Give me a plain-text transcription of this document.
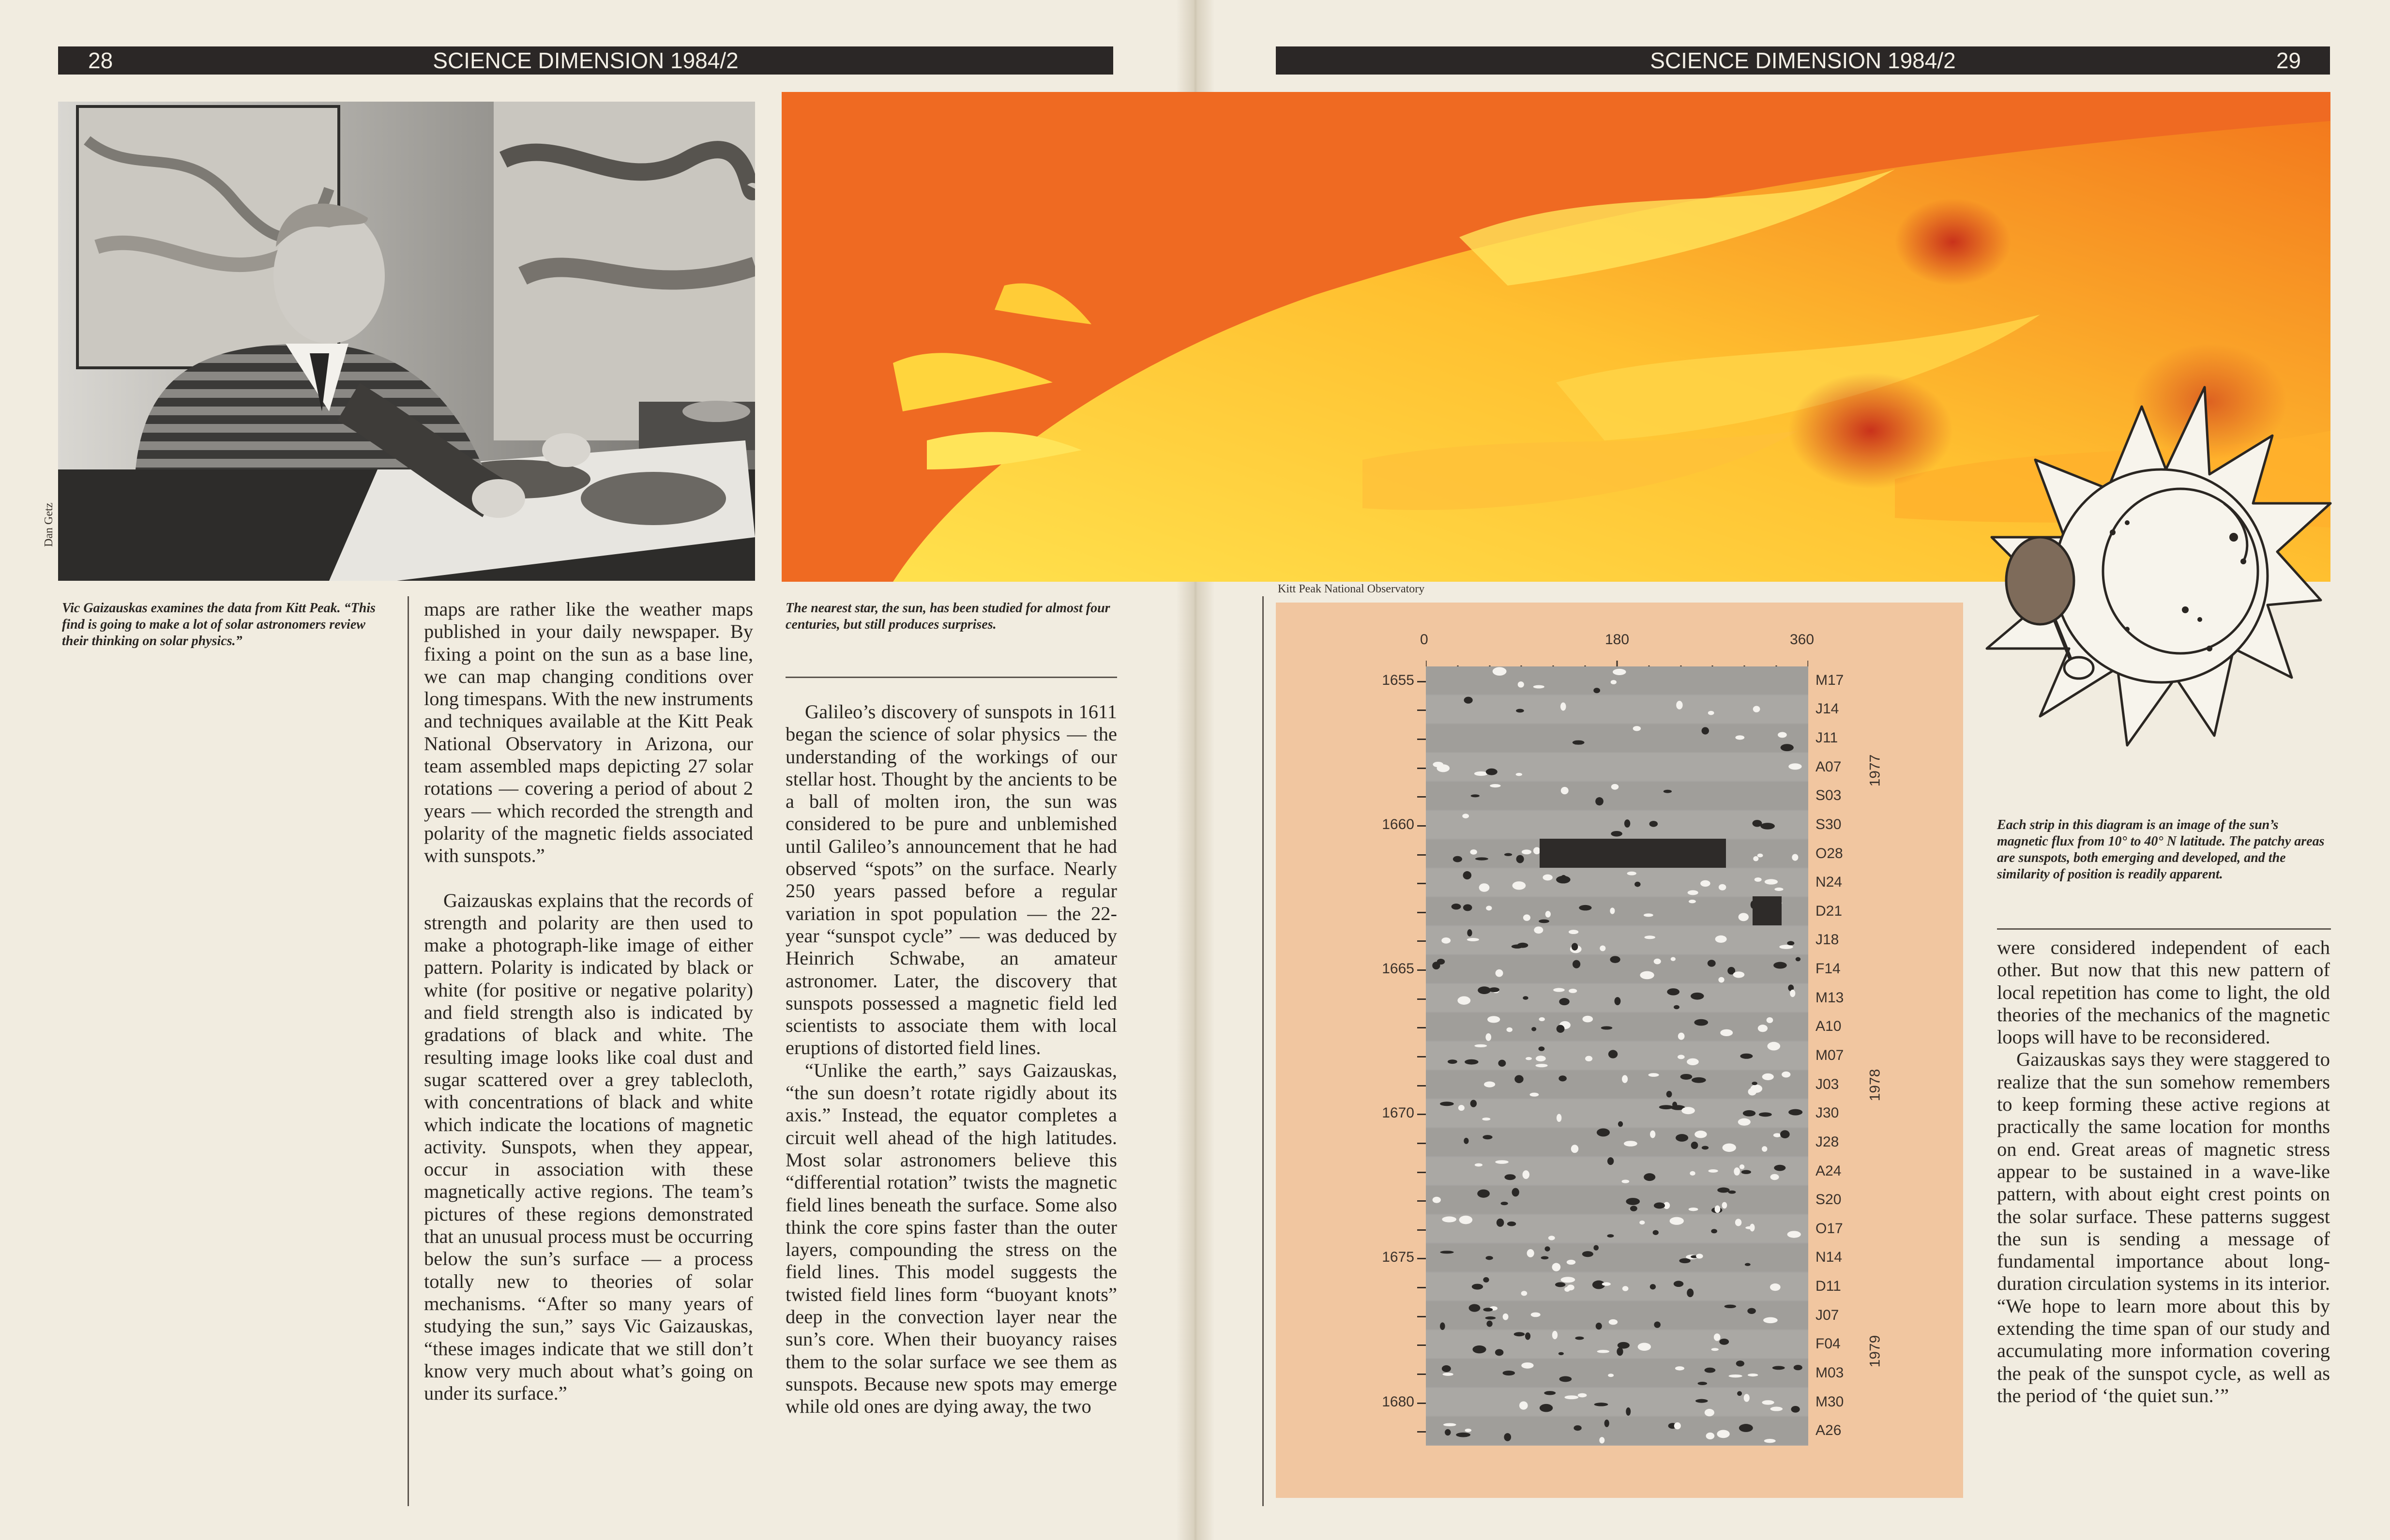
28	SCIENCE DIMENSION 1984/2	SCIENCE DIMENSION 1984/2	29
Dan Getz
Vic Gaizauskas examines the data from Kitt Peak. “This find is going to make a lot of solar astronomers review their thinking on solar physics.”
The nearest star, the sun, has been studied for almost four centuries, but still produces surprises.

maps are rather like the weather maps published in your daily newspaper. By fixing a point on the sun as a base line, we can map changing conditions over long timespans. With the new instruments and techniques available at the Kitt Peak National Observatory in Arizona, our team assembled maps depicting 27 solar rotations — covering a period of about 2 years — which recorded the strength and polarity of the magnetic fields associated with sunspots.”

Gaizauskas explains that the records of strength and polarity are then used to make a photograph-like image of either pattern. Polarity is indicated by black or white (for positive or negative polarity) and field strength also is indicated by gradations of black and white. The resulting image looks like coal dust and sugar scattered over a grey tablecloth, with concentrations of black and white which indicate the locations of magnetic activity. Sunspots, when they appear, occur in association with these magnetically active regions. The team’s pictures of these regions demonstrated that an unusual process must be occurring below the sun’s surface — a process totally new to theories of solar mechanisms. “After so many years of studying the sun,” says Vic Gaizauskas, “these images indicate that we still don’t know very much about what’s going on under its surface.”

Galileo’s discovery of sunspots in 1611 began the science of solar physics — the understanding of the workings of our stellar host. Thought by the ancients to be a ball of molten iron, the sun was considered to be pure and unblemished until Galileo’s announcement that he had observed “spots” on the surface. Nearly 250 years passed before a regular variation in spot population — the 22-year “sunspot cycle” — was deduced by Heinrich Schwabe, an amateur astronomer. Later, the discovery that sunspots possessed a magnetic field led scientists to associate them with local eruptions of distorted field lines.

“Unlike the earth,” says Gaizauskas, “the sun doesn’t rotate rigidly about its axis.” Instead, the equator completes a circuit well ahead of the high latitudes. Most solar astronomers believe this “differential rotation” twists the magnetic field lines beneath the surface. Some also think the core spins faster than the outer layers, compounding the stress on the field lines. This model suggests the twisted field lines form “buoyant knots” deep in the convection layer near the sun’s core. When their buoyancy raises them to the solar surface we see them as sunspots. Because new spots may emerge while old ones are dying away, the two

Kitt Peak National Observatory
0	180	360
1655
1660
1665
1670
1675
1680
M17
J14
J11
A07
S03
S30
O28
N24
D21
J18
F14
M13
A10
M07
J03
J30
J28
A24
S20
O17
N14
D11
J07
F04
M03
M30
A26
1977
1978
1979
Each strip in this diagram is an image of the sun’s magnetic flux from 10° to 40° N latitude. The patchy areas are sunspots, both emerging and developed, and the similarity of position is readily apparent.

were considered independent of each other. But now that this new pattern of local repetition has come to light, the old theories of the mechanics of the magnetic loops will have to be reconsidered.

Gaizauskas says they were staggered to realize that the sun somehow remembers to keep forming these active regions at practically the same location for months on end. Great areas of magnetic stress appear to be sustained in a wave-like pattern, with about eight crest points on the solar surface. These patterns suggest the sun is sending a message of fundamental importance about long-duration circulation systems in its interior. “We hope to learn more about this by extending the time span of our study and accumulating more information covering the peak of the sunspot cycle, as well as the period of ‘the quiet sun.’”
